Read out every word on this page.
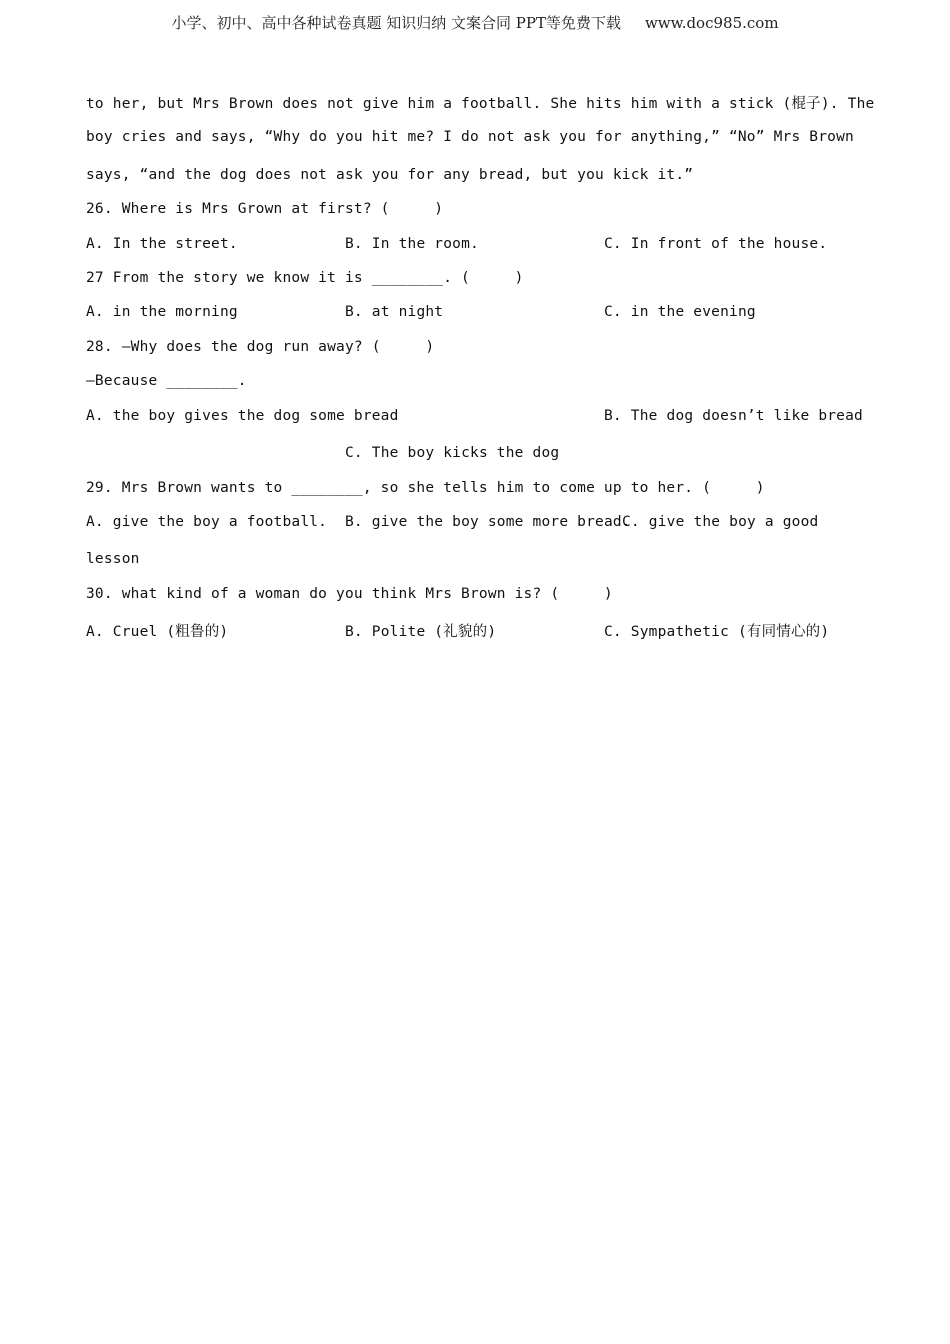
小学、初中、高中各种试卷真题 知识归纳 文案合同 PPT等免费下载 www.doc985.com
to her, but Mrs Brown does not give him a football. She hits him with a stick (棍子). The
boy cries and says, “Why do you hit me? I do not ask you for anything,” “No” Mrs Brown
says, “and the dog does not ask you for any bread, but you kick it.”
26. Where is Mrs Grown at first? (     )
A. In the street.	B. In the room.	C. In front of the house.
27 From the story we know it is ________. (     )
A. in the morning	B. at night	C. in the evening
28. —Why does the dog run away? (     )
—Because ________.
A. the boy gives the dog some bread	B. The dog doesn’t like bread
C. The boy kicks the dog
29. Mrs Brown wants to ________, so she tells him to come up to her. (     )
A. give the boy a football. B. give the boy some more bread.
C. give the boy a good
lesson
30. what kind of a woman do you think Mrs Brown is? (     )
A. Cruel (粗鲁的)	B. Polite (礼貌的)	C. Sympathetic (有同情心的)
